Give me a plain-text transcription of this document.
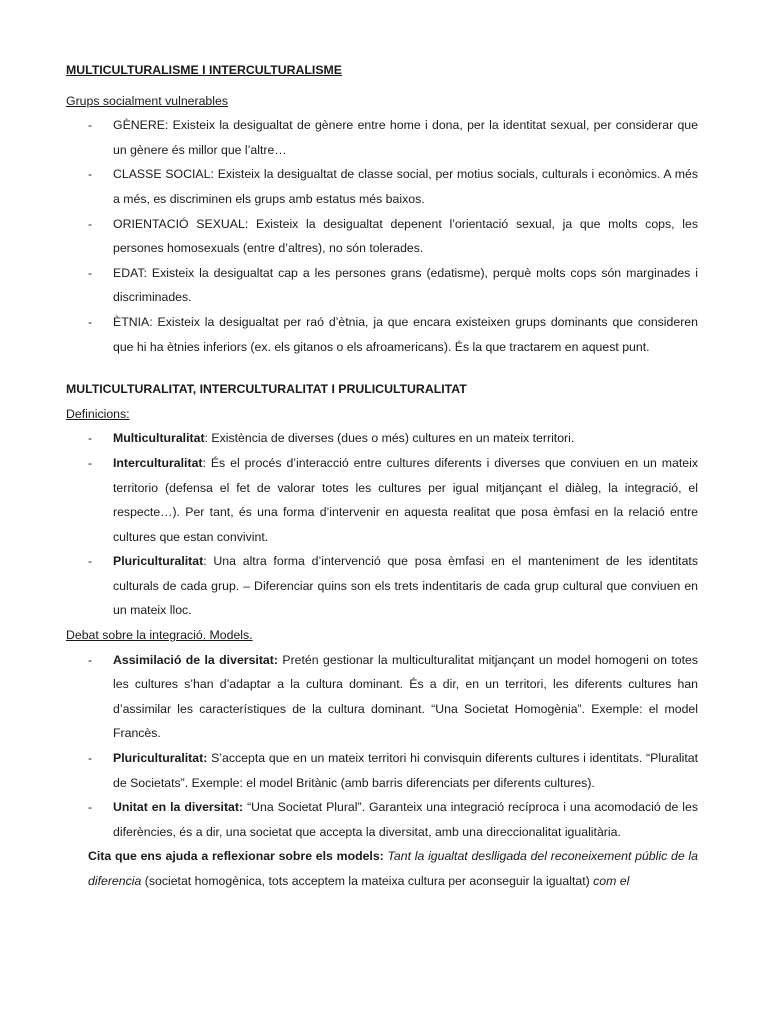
MULTICULTURALISME I INTERCULTURALISME

Grups socialment vulnerables

- GÈNERE: Existeix la desigualtat de gènere entre home i dona, per la identitat sexual, per considerar que un gènere és millor que l’altre…
- CLASSE SOCIAL: Existeix la desigualtat de classe social, per motius socials, culturals i econòmics. A més a més, es discriminen els grups amb estatus més baixos.
- ORIENTACIÓ SEXUAL: Existeix la desigualtat depenent l’orientació sexual, ja que molts cops, les persones homosexuals (entre d’altres), no són tolerades.
- EDAT: Existeix la desigualtat cap a les persones grans (edatisme), perquè molts cops són marginades i discriminades.
- ÈTNIA: Existeix la desigualtat per raó d’ètnia, ja que encara existeixen grups dominants que consideren que hi ha ètnies inferiors (ex. els gitanos o els afroamericans). És la que tractarem en aquest punt.

MULTICULTURALITAT, INTERCULTURALITAT I PRULICULTURALITAT

Definicions:

- Multiculturalitat: Existència de diverses (dues o més) cultures en un mateix territori.
- Interculturalitat: És el procés d’interacció entre cultures diferents i diverses que conviuen en un mateix territorio (defensa el fet de valorar totes les cultures per igual mitjançant el diàleg, la integració, el respecte…). Per tant, és una forma d’intervenir en aquesta realitat que posa èmfasi en la relació entre cultures que estan convivint.
- Pluriculturalitat: Una altra forma d’intervenció que posa èmfasi en el manteniment de les identitats culturals de cada grup. – Diferenciar quins son els trets indentitaris de cada grup cultural que conviuen en un mateix lloc.

Debat sobre la integració. Models.

- Assimilació de la diversitat: Pretén gestionar la multiculturalitat mitjançant un model homogeni on totes les cultures s’han d’adaptar a la cultura dominant. És a dir, en un territori, les diferents cultures han d’assimilar les característiques de la cultura dominant. “Una Societat Homogènia”. Exemple: el model Francès.
- Pluriculturalitat: S’accepta que en un mateix territori hi convisquin diferents cultures i identitats. “Pluralitat de Societats”. Exemple: el model Britànic (amb barris diferenciats per diferents cultures).
- Unitat en la diversitat: “Una Societat Plural”. Garanteix una integració recíproca i una acomodació de les diferències, és a dir, una societat que accepta la diversitat, amb una direccionalitat igualitària.

Cita que ens ajuda a reflexionar sobre els models: Tant la igualtat deslligada del reconeixement públic de la diferencia (societat homogènica, tots acceptem la mateixa cultura per aconseguir la igualtat) com el
